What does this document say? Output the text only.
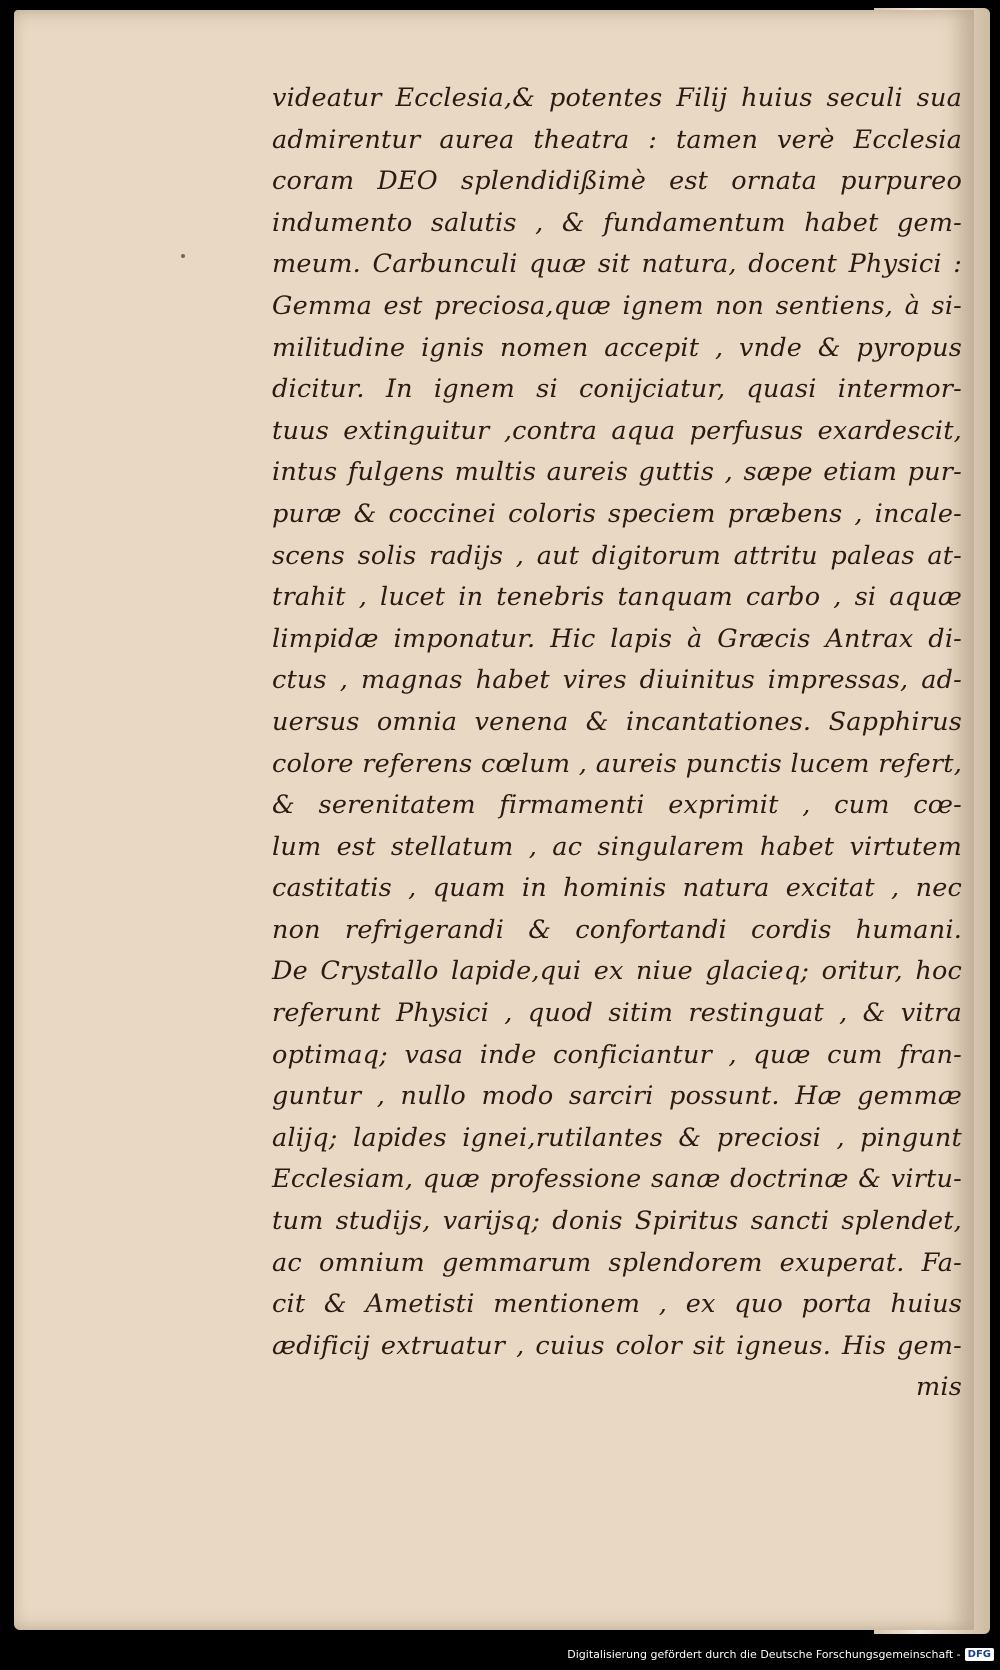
videatur Ecclesia,& potentes Filij huius seculi sua
admirentur aurea theatra : tamen verè Ecclesia
coram DEO splendidißimè est ornata purpureo
indumento salutis , & fundamentum habet gem-
meum. Carbunculi quæ sit natura, docent Physici :
Gemma est preciosa,quæ ignem non sentiens, à si-
militudine ignis nomen accepit , vnde & pyropus
dicitur. In ignem si conijciatur, quasi intermor-
tuus extinguitur ,contra aqua perfusus exardescit,
intus fulgens multis aureis guttis , sæpe etiam pur-
puræ & coccinei coloris speciem præbens , incale-
scens solis radijs , aut digitorum attritu paleas at-
trahit , lucet in tenebris tanquam carbo , si aquæ
limpidæ imponatur. Hic lapis à Græcis Antrax di-
ctus , magnas habet vires diuinitus impressas, ad-
uersus omnia venena & incantationes. Sapphirus
colore referens cœlum , aureis punctis lucem refert,
& serenitatem firmamenti exprimit , cum cœ-
lum est stellatum , ac singularem habet virtutem
castitatis , quam in hominis natura excitat , nec
non refrigerandi & confortandi cordis humani.
De Crystallo lapide,qui ex niue glacieq; oritur, hoc
referunt Physici , quod sitim restinguat , & vitra
optimaq; vasa inde conficiantur , quæ cum fran-
guntur , nullo modo sarciri possunt. Hæ gemmæ
alijq; lapides ignei,rutilantes & preciosi , pingunt
Ecclesiam, quæ professione sanæ doctrinæ & virtu-
tum studijs, varijsq; donis Spiritus sancti splendet,
ac omnium gemmarum splendorem exuperat. Fa-
cit & Ametisti mentionem , ex quo porta huius
ædificij extruatur , cuius color sit igneus. His gem-
mis
Digitalisierung gefördert durch die Deutsche Forschungsgemeinschaft - DFG
